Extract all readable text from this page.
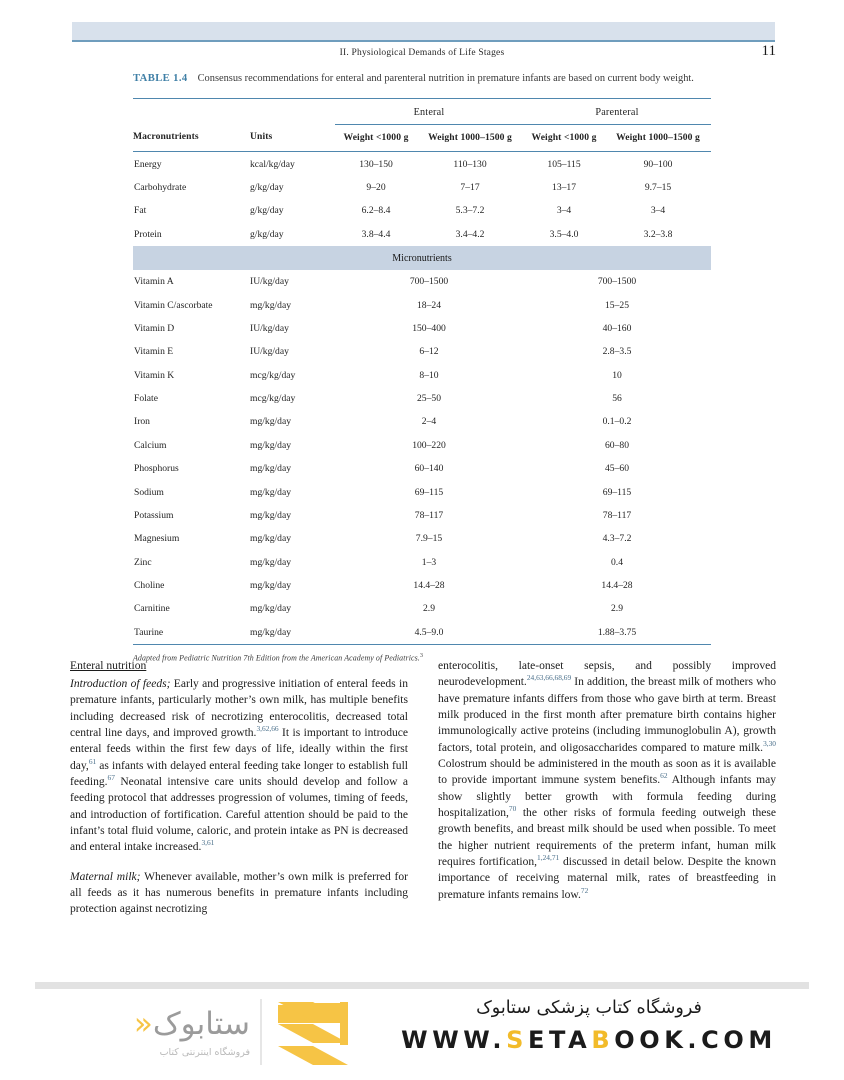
II. Physiological Demands of Life Stages	11
TABLE 1.4 Consensus recommendations for enteral and parenteral nutrition in premature infants are based on current body weight.

		Enteral		Parenteral	

Macronutrients	Units	Weight <1000 g	Weight 1000–1500 g	Weight <1000 g	Weight 1000–1500 g

Energy	kcal/kg/day	130–150	110–130	105–115	90–100
Carbohydrate	g/kg/day	9–20	7–17	13–17	9.7–15
Fat	g/kg/day	6.2–8.4	5.3–7.2	3–4	3–4
Protein	g/kg/day	3.8–4.4	3.4–4.2	3.5–4.0	3.2–3.8
Micronutrients					
Vitamin A	IU/kg/day	700–1500		700–1500	
Vitamin C/ascorbate	mg/kg/day	18–24		15–25	
Vitamin D	IU/kg/day	150–400		40–160	
Vitamin E	IU/kg/day	6–12		2.8–3.5	
Vitamin K	mcg/kg/day	8–10		10	
Folate	mcg/kg/day	25–50		56	
Iron	mg/kg/day	2–4		0.1–0.2	
Calcium	mg/kg/day	100–220		60–80	
Phosphorus	mg/kg/day	60–140		45–60	
Sodium	mg/kg/day	69–115		69–115	
Potassium	mg/kg/day	78–117		78–117	
Magnesium	mg/kg/day	7.9–15		4.3–7.2	
Zinc	mg/kg/day	1–3		0.4	
Choline	mg/kg/day	14.4–28		14.4–28	
Carnitine	mg/kg/day	2.9		2.9	
Taurine	mg/kg/day	4.5–9.0		1.88–3.75	

Adapted from Pediatric Nutrition 7th Edition from the American Academy of Pediatrics.$^3$
Enteral nutrition

Introduction of feeds; Early and progressive initiation of enteral feeds in premature infants, particularly mother’s own milk, has multiple benefits including decreased risk of necrotizing enterocolitis, decreased total central line days, and improved growth.$^{3,62,66}$ It is important to introduce enteral feeds within the first few days of life, ideally within the first day,$^{61}$ as infants with delayed enteral feeding take longer to establish full feeding.$^{67}$ Neonatal intensive care units should develop and follow a feeding protocol that addresses progression of volumes, timing of feeds, and introduction of fortification. Careful attention should be paid to the infant’s total fluid volume, caloric, and protein intake as PN is decreased and enteral intake increased.$^{3,61}$

Maternal milk; Whenever available, mother’s own milk is preferred for all feeds as it has numerous benefits in premature infants including protection against necrotizing

enterocolitis, late-onset sepsis, and possibly improved neurodevelopment.$^{24,63,66,68,69}$ In addition, the breast milk of mothers who have premature infants differs from those who gave birth at term. Breast milk produced in the first month after premature birth contains higher immunologically active proteins (including immunoglobulin A), growth factors, total protein, and oligosaccharides compared to mature milk.$^{3,30}$ Colostrum should be administered in the mouth as soon as it is available to provide important immune system benefits.$^{62}$ Although infants may show slightly better growth with formula feeding during hospitalization,$^{70}$ the other risks of formula feeding outweigh these growth benefits, and breast milk should be used when possible. To meet the higher nutrient requirements of the preterm infant, human milk requires fortification,$^{1,24,71}$ discussed in detail below. Despite the known importance of receiving maternal milk, rates of breastfeeding in premature infants remains low.$^{72}$

ستابوک«
فروشگاه اینترنتی کتاب
فروشگاه کتاب پزشکی ستابوک
WWW.SETABOOK.COM
